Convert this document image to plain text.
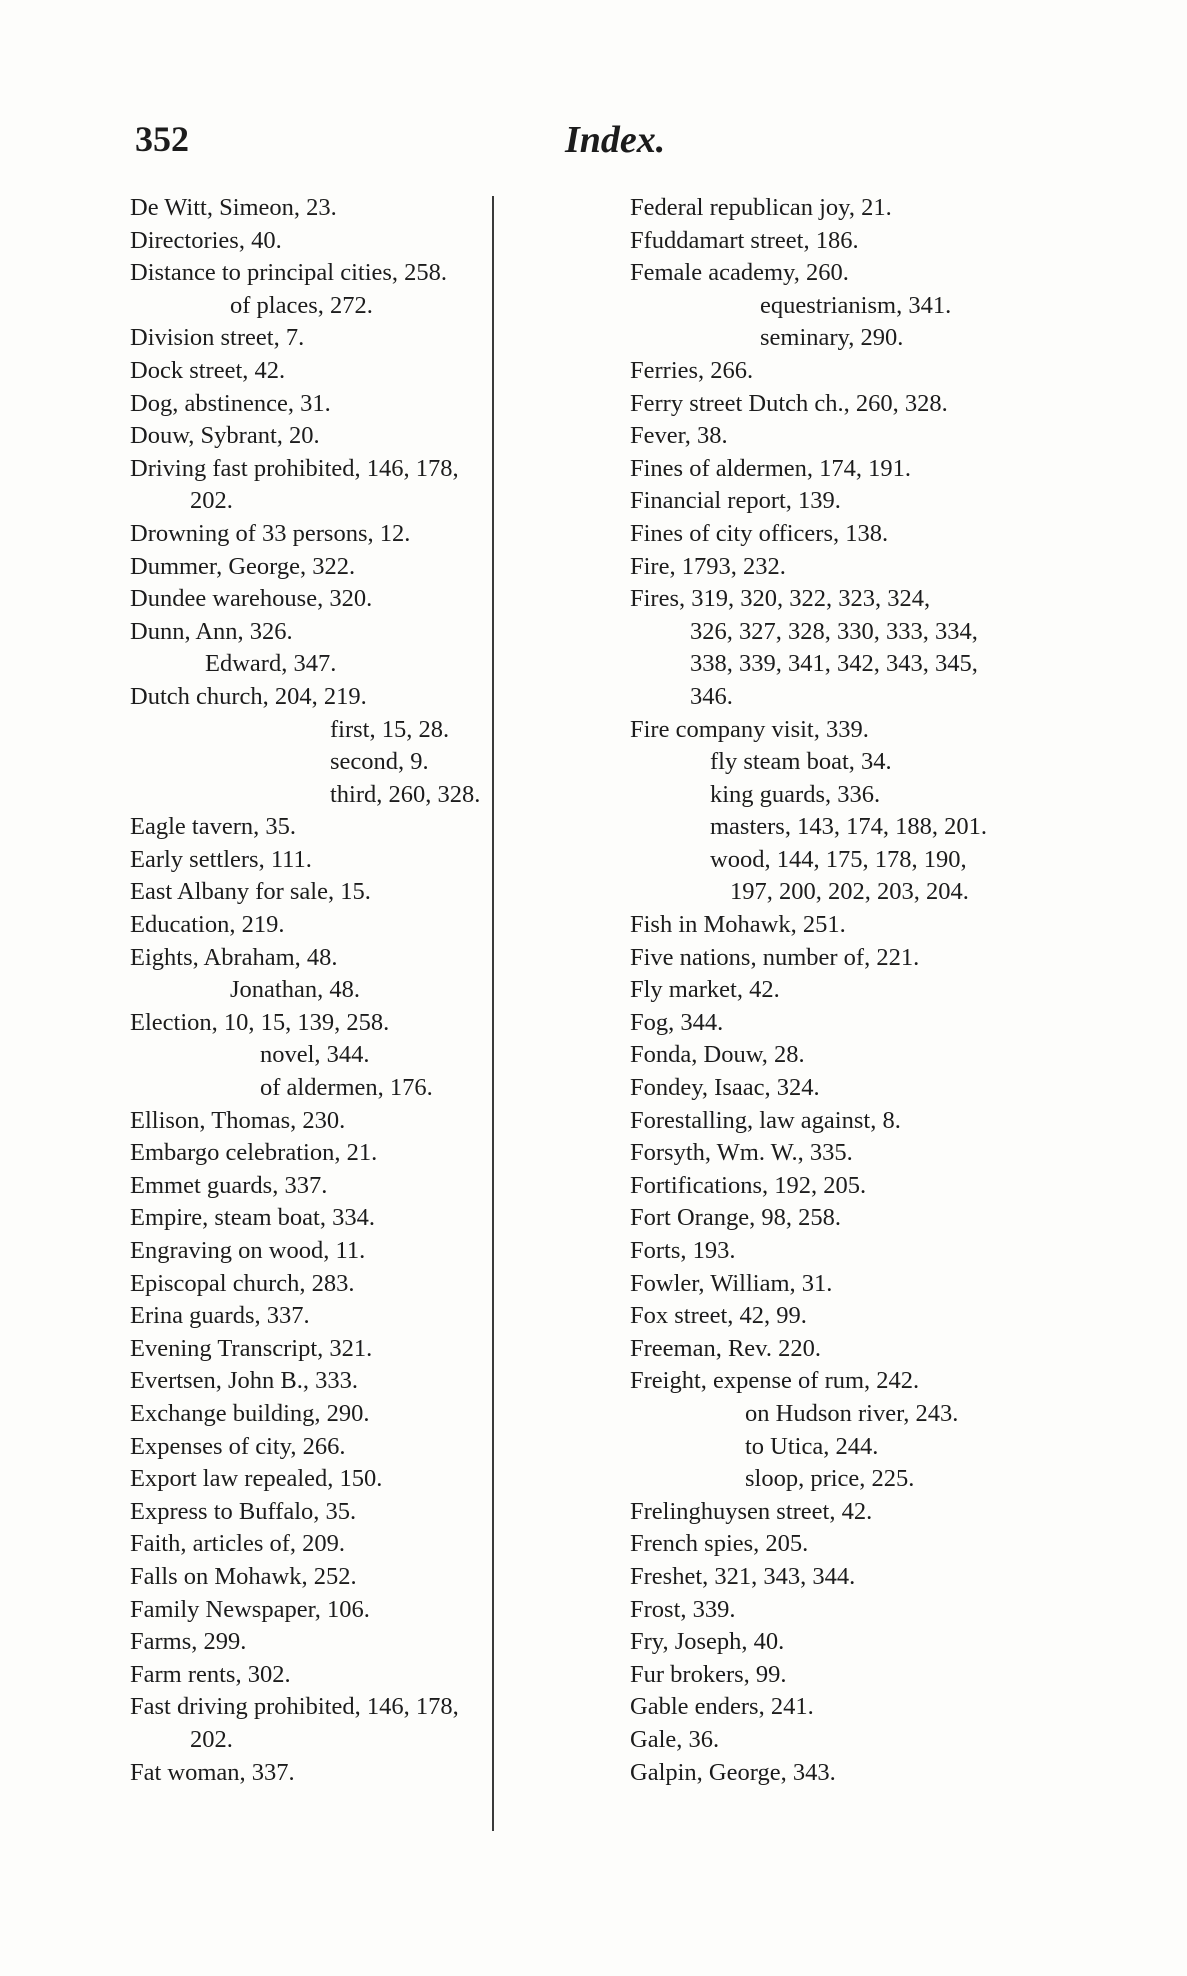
352	Index.
De Witt, Simeon, 23.
Directories, 40.
Distance to principal cities, 258.
of places, 272.
Division street, 7.
Dock street, 42.
Dog, abstinence, 31.
Douw, Sybrant, 20.
Driving fast prohibited, 146, 178,
202.
Drowning of 33 persons, 12.
Dummer, George, 322.
Dundee warehouse, 320.
Dunn, Ann, 326.
Edward, 347.
Dutch church, 204, 219.
first, 15, 28.
second, 9.
third, 260, 328.
Eagle tavern, 35.
Early settlers, 111.
East Albany for sale, 15.
Education, 219.
Eights, Abraham, 48.
Jonathan, 48.
Election, 10, 15, 139, 258.
novel, 344.
of aldermen, 176.
Ellison, Thomas, 230.
Embargo celebration, 21.
Emmet guards, 337.
Empire, steam boat, 334.
Engraving on wood, 11.
Episcopal church, 283.
Erina guards, 337.
Evening Transcript, 321.
Evertsen, John B., 333.
Exchange building, 290.
Expenses of city, 266.
Export law repealed, 150.
Express to Buffalo, 35.
Faith, articles of, 209.
Falls on Mohawk, 252.
Family Newspaper, 106.
Farms, 299.
Farm rents, 302.
Fast driving prohibited, 146, 178,
202.
Fat woman, 337.
Federal republican joy, 21.
Ffuddamart street, 186.
Female academy, 260.
equestrianism, 341.
seminary, 290.
Ferries, 266.
Ferry street Dutch ch., 260, 328.
Fever, 38.
Fines of aldermen, 174, 191.
Financial report, 139.
Fines of city officers, 138.
Fire, 1793, 232.
Fires, 319, 320, 322, 323, 324,
326, 327, 328, 330, 333, 334,
338, 339, 341, 342, 343, 345,
346.
Fire company visit, 339.
fly steam boat, 34.
king guards, 336.
masters, 143, 174, 188, 201.
wood, 144, 175, 178, 190,
197, 200, 202, 203, 204.
Fish in Mohawk, 251.
Five nations, number of, 221.
Fly market, 42.
Fog, 344.
Fonda, Douw, 28.
Fondey, Isaac, 324.
Forestalling, law against, 8.
Forsyth, Wm. W., 335.
Fortifications, 192, 205.
Fort Orange, 98, 258.
Forts, 193.
Fowler, William, 31.
Fox street, 42, 99.
Freeman, Rev. 220.
Freight, expense of rum, 242.
on Hudson river, 243.
to Utica, 244.
sloop, price, 225.
Frelinghuysen street, 42.
French spies, 205.
Freshet, 321, 343, 344.
Frost, 339.
Fry, Joseph, 40.
Fur brokers, 99.
Gable enders, 241.
Gale, 36.
Galpin, George, 343.
